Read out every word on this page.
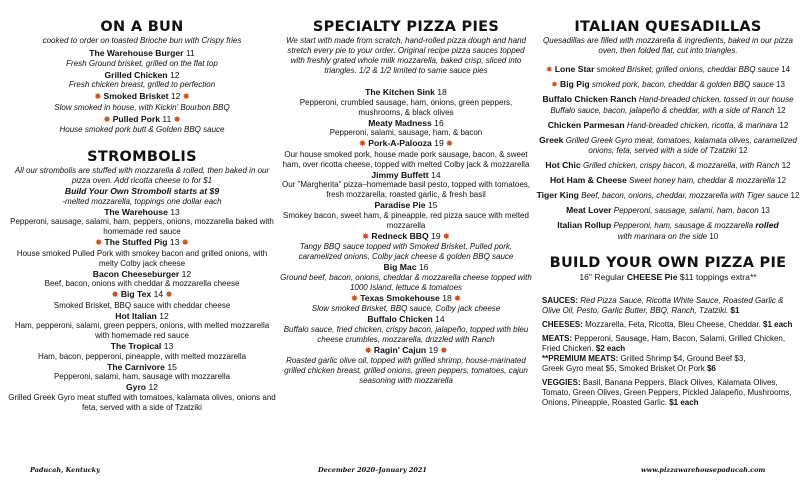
ON A BUN

cooked to order on toasted Brioche bun with Crispy fries

The Warehouse Burger 11

Fresh Ground brisket, grilled on the flat top

Grilled Chicken 12

Fresh chicken breast, grilled to perfection

✸ Smoked Brisket 12 ✸

Slow smoked in house, with Kickin' Bourbon BBQ

✸ Pulled Pork 11 ✸

House smoked pork butt & Golden BBQ sauce

STROMBOLIS

All our strombolis are stuffed with mozzarella & rolled, then baked in our pizza oven. Add ricotta cheese to for $1

Build Your Own Stromboli starts at $9

-melted mozzarella, toppings one dollar each

The Warehouse 13

Pepperoni, sausage, salami, ham, peppers, onions, mozzarella baked with homemade red sauce

✸ The Stuffed Pig 13 ✸

House smoked Pulled Pork with smokey bacon and grilled onions, with melty Colby jack cheese

Bacon Cheeseburger 12

Beef, bacon, onions with cheddar & mozzarella cheese

✸ Big Tex 14 ✸

Smoked Brisket, BBQ sauce with cheddar cheese

Hot Italian 12

Ham, pepperoni, salami, green peppers, onions, with melted mozzarella with homemade red sauce

The Tropical 13

Ham, bacon, pepperoni, pineapple, with melted mozzarella

The Carnivore 15

Pepperoni, salami, ham, sausage with mozzarella

Gyro 12

Grilled Greek Gyro meat stuffed with tomatoes, kalamata olives, onions and feta, served with a side of Tzatziki

SPECIALTY PIZZA PIES

We start with made from scratch, hand-rolled pizza dough and hand stretch every pie to your order. Original recipe pizza sauces topped with freshly grated whole milk mozzarella, baked crisp, sliced into triangles. 1/2 & 1/2 limited to same sauce pies

The Kitchen Sink 18

Pepperoni, crumbled sausage, ham, onions, green peppers, mushrooms, & black olives

Meaty Madness 16

Pepperoni, salami, sausage, ham, & bacon

✸ Pork-A-Palooza 19 ✸

Our house smoked pork, house made pork sausage, bacon, & sweet ham, over ricotta cheese, topped with melted Colby jack & mozzarella

Jimmy Buffett 14

Our "Margherita" pizza–homemade basil pesto, topped with tomatoes, fresh mozzarella, roasted garlic, & fresh basil

Paradise Pie 15

Smokey bacon, sweet ham, & pineapple, red pizza sauce with melted mozzarella

✸ Redneck BBQ 19 ✸

Tangy BBQ sauce topped with Smoked Brisket, Pulled pork, caramelized onions, Colby jack cheese & golden BBQ sauce

Big Mac 16

Ground beef, bacon, onions, cheddar & mozzarella cheese topped with 1000 Island, lettuce & tomatoes

✸ Texas Smokehouse 18 ✸

Slow smoked Brisket, BBQ sauce, Colby jack cheese

Buffalo Chicken 14

Buffalo sauce, fried chicken, crispy bacon, jalapeño, topped with bleu cheese crumbles, mozzarella, drizzled with Ranch

✸ Ragin' Cajun 19 ✸

Roasted garlic olive oil, topped with grilled shrimp, house-marinated grilled chicken breast, grilled onions, green peppers, tomatoes, cajun seasoning with mozzarella

ITALIAN QUESADILLAS

Quesadillas are filled with mozzarella & ingredients, baked in our pizza oven, then folded flat, cut into triangles.

✸ Lone Star smoked Brisket, grilled onions, cheddar BBQ sauce 14

✸ Big Pig smoked pork, bacon, cheddar & golden BBQ sauce 13

Buffalo Chicken Ranch Hand-breaded chicken, tossed in our house Buffalo sauce, bacon, jalapeño & cheddar, with a side of Ranch 12

Chicken Parmesan Hand-breaded chicken, ricotta, & marinara 12

Greek Grilled Greek Gyro meat, tomatoes, kalamata olives, caramelized onions, feta, served with a side of Tzatziki 12

Hot Chic Grilled chicken, crispy bacon, & mozzarella, with Ranch 12

Hot Ham & Cheese Sweet honey ham, cheddar & mozzarella 12

Tiger King Beef, bacon, onions, cheddar, mozzarella with Tiger sauce 12

Meat Lover Pepperoni, sausage, salami, ham, bacon 13

Italian Rollup Pepperoni, ham, sausage & mozzarella rolled
with marinara on the side 10

BUILD YOUR OWN PIZZA PIE

16" Regular CHEESE Pie $11 toppings extra**

SAUCES: Red Pizza Sauce, Ricotta White Sauce, Roasted Garlic & Olive Oil, Pesto, Garlic Butter, BBQ, Ranch, Tzatziki. $1

CHEESES: Mozzarella, Feta, Ricotta, Bleu Cheese, Cheddar. $1 each

MEATS: Pepperoni, Sausage, Ham, Bacon, Salami, Grilled Chicken, Fried Chicken. $2 each

**PREMIUM MEATS: Grilled Shrimp $4, Ground Beef $3,

Greek Gyro meat $5, Smoked Brisket Or Pork $6

VEGGIES: Basil, Banana Peppers, Black Olives, Kalamata Olives, Tomato, Green Olives, Green Peppers, Pickled Jalapeño, Mushrooms, Onions, Pineapple, Roasted Garlic. $1 each

Paducah, Kentucky	December 2020–January 2021	www.pizzawarehousepaducah.com
